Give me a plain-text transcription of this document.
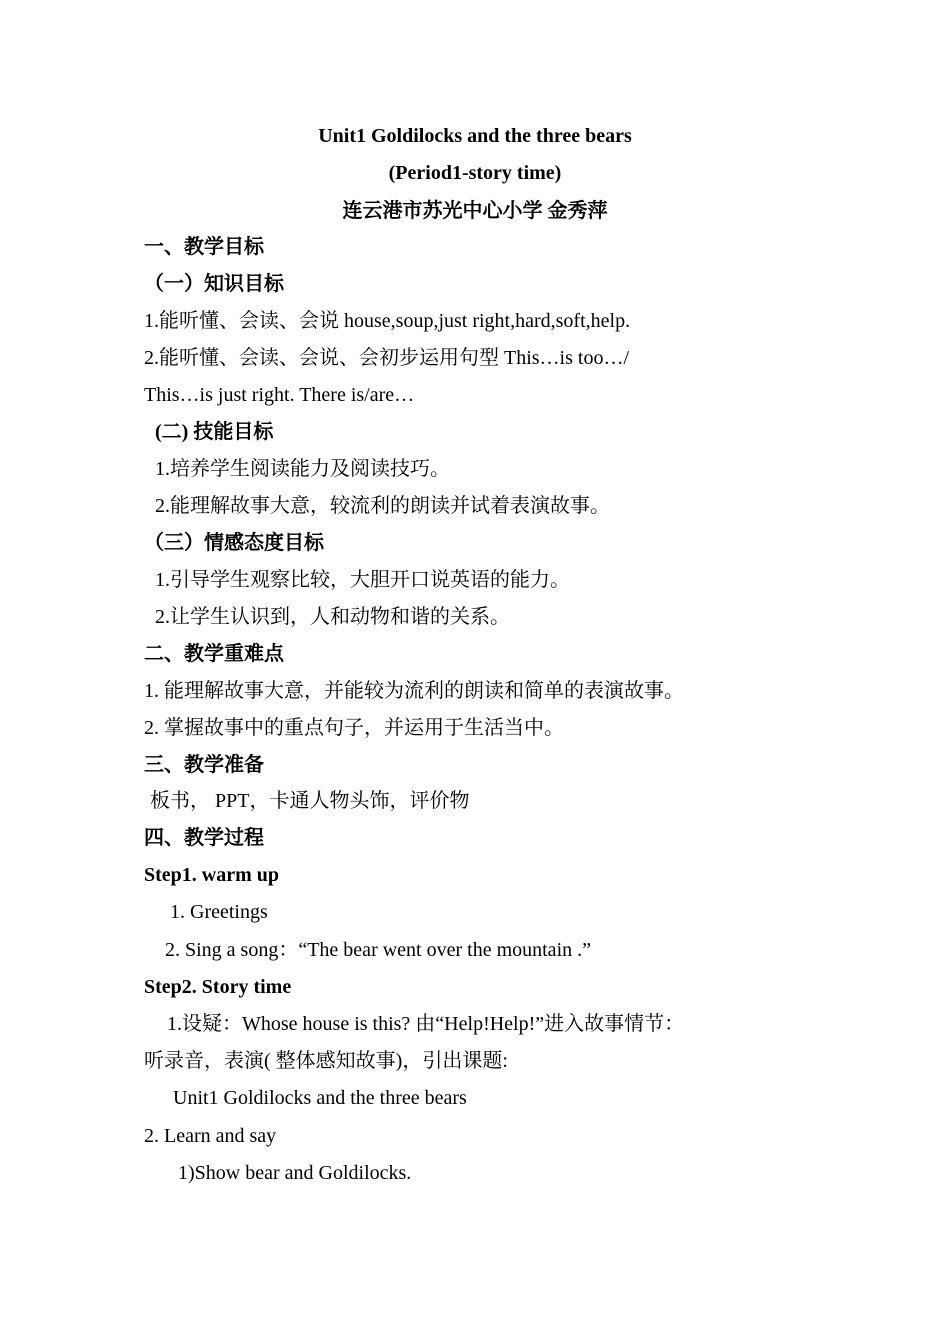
Unit1 Goldilocks and the three bears
(Period1-story time)
连云港市苏光中心小学 金秀萍
一、教学目标
（一）知识目标
1.能听懂、会读、会说 house,soup,just right,hard,soft,help.
2.能听懂、会读、会说、会初步运用句型 This…is too…/
This…is just right. There is/are…
(二) 技能目标
1.培养学生阅读能力及阅读技巧。
2.能理解故事大意，较流利的朗读并试着表演故事。
（三）情感态度目标
1.引导学生观察比较，大胆开口说英语的能力。
2.让学生认识到，人和动物和谐的关系。
二、教学重难点
1. 能理解故事大意，并能较为流利的朗读和简单的表演故事。
2. 掌握故事中的重点句子，并运用于生活当中。
三、教学准备
板书， PPT，卡通人物头饰，评价物
四、教学过程
Step1. warm up
1. Greetings
2. Sing a song：“The bear went over the mountain .”
Step2. Story time
1.设疑：Whose house is this? 由“Help!Help!”进入故事情节：
听录音，表演( 整体感知故事)，引出课题:
Unit1 Goldilocks and the three bears
2. Learn and say
1)Show bear and Goldilocks.
